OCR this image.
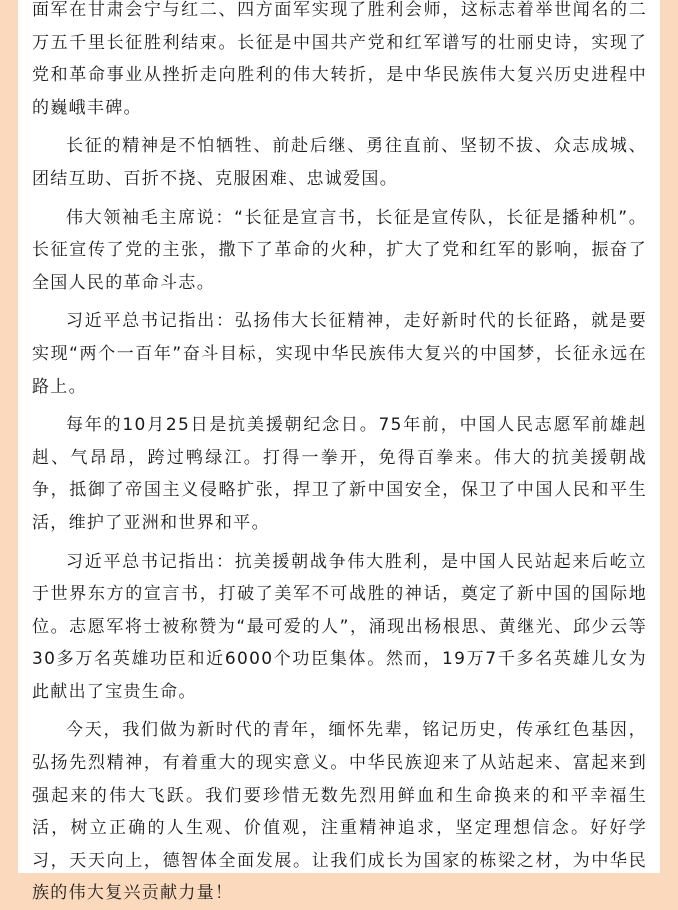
面军在甘肃会宁与红二、四方面军实现了胜利会师，这标志着举世闻名的二万五千里长征胜利结束。长征是中国共产党和红军谱写的壮丽史诗，实现了党和革命事业从挫折走向胜利的伟大转折，是中华民族伟大复兴历史进程中的巍峨丰碑。

长征的精神是不怕牺牲、前赴后继、勇往直前、坚韧不拔、众志成城、团结互助、百折不挠、克服困难、忠诚爱国。

伟大领袖毛主席说：“长征是宣言书，长征是宣传队，长征是播种机”。长征宣传了党的主张，撒下了革命的火种，扩大了党和红军的影响，振奋了全国人民的革命斗志。

习近平总书记指出：弘扬伟大长征精神，走好新时代的长征路，就是要实现“两个一百年”奋斗目标，实现中华民族伟大复兴的中国梦，长征永远在路上。

每年的10月25日是抗美援朝纪念日。75年前，中国人民志愿军前雄赳赳、气昂昂，跨过鸭绿江。打得一拳开，免得百拳来。伟大的抗美援朝战争，抵御了帝国主义侵略扩张，捍卫了新中国安全，保卫了中国人民和平生活，维护了亚洲和世界和平。

习近平总书记指出：抗美援朝战争伟大胜利，是中国人民站起来后屹立于世界东方的宣言书，打破了美军不可战胜的神话，奠定了新中国的国际地位。志愿军将士被称赞为“最可爱的人”，涌现出杨根思、黄继光、邱少云等30多万名英雄功臣和近6000个功臣集体。然而，19万7千多名英雄儿女为此献出了宝贵生命。

今天，我们做为新时代的青年，缅怀先辈，铭记历史，传承红色基因，弘扬先烈精神，有着重大的现实意义。中华民族迎来了从站起来、富起来到强起来的伟大飞跃。我们要珍惜无数先烈用鲜血和生命换来的和平幸福生活，树立正确的人生观、价值观，注重精神追求，坚定理想信念。好好学习，天天向上，德智体全面发展。让我们成长为国家的栋梁之材，为中华民族的伟大复兴贡献力量！
